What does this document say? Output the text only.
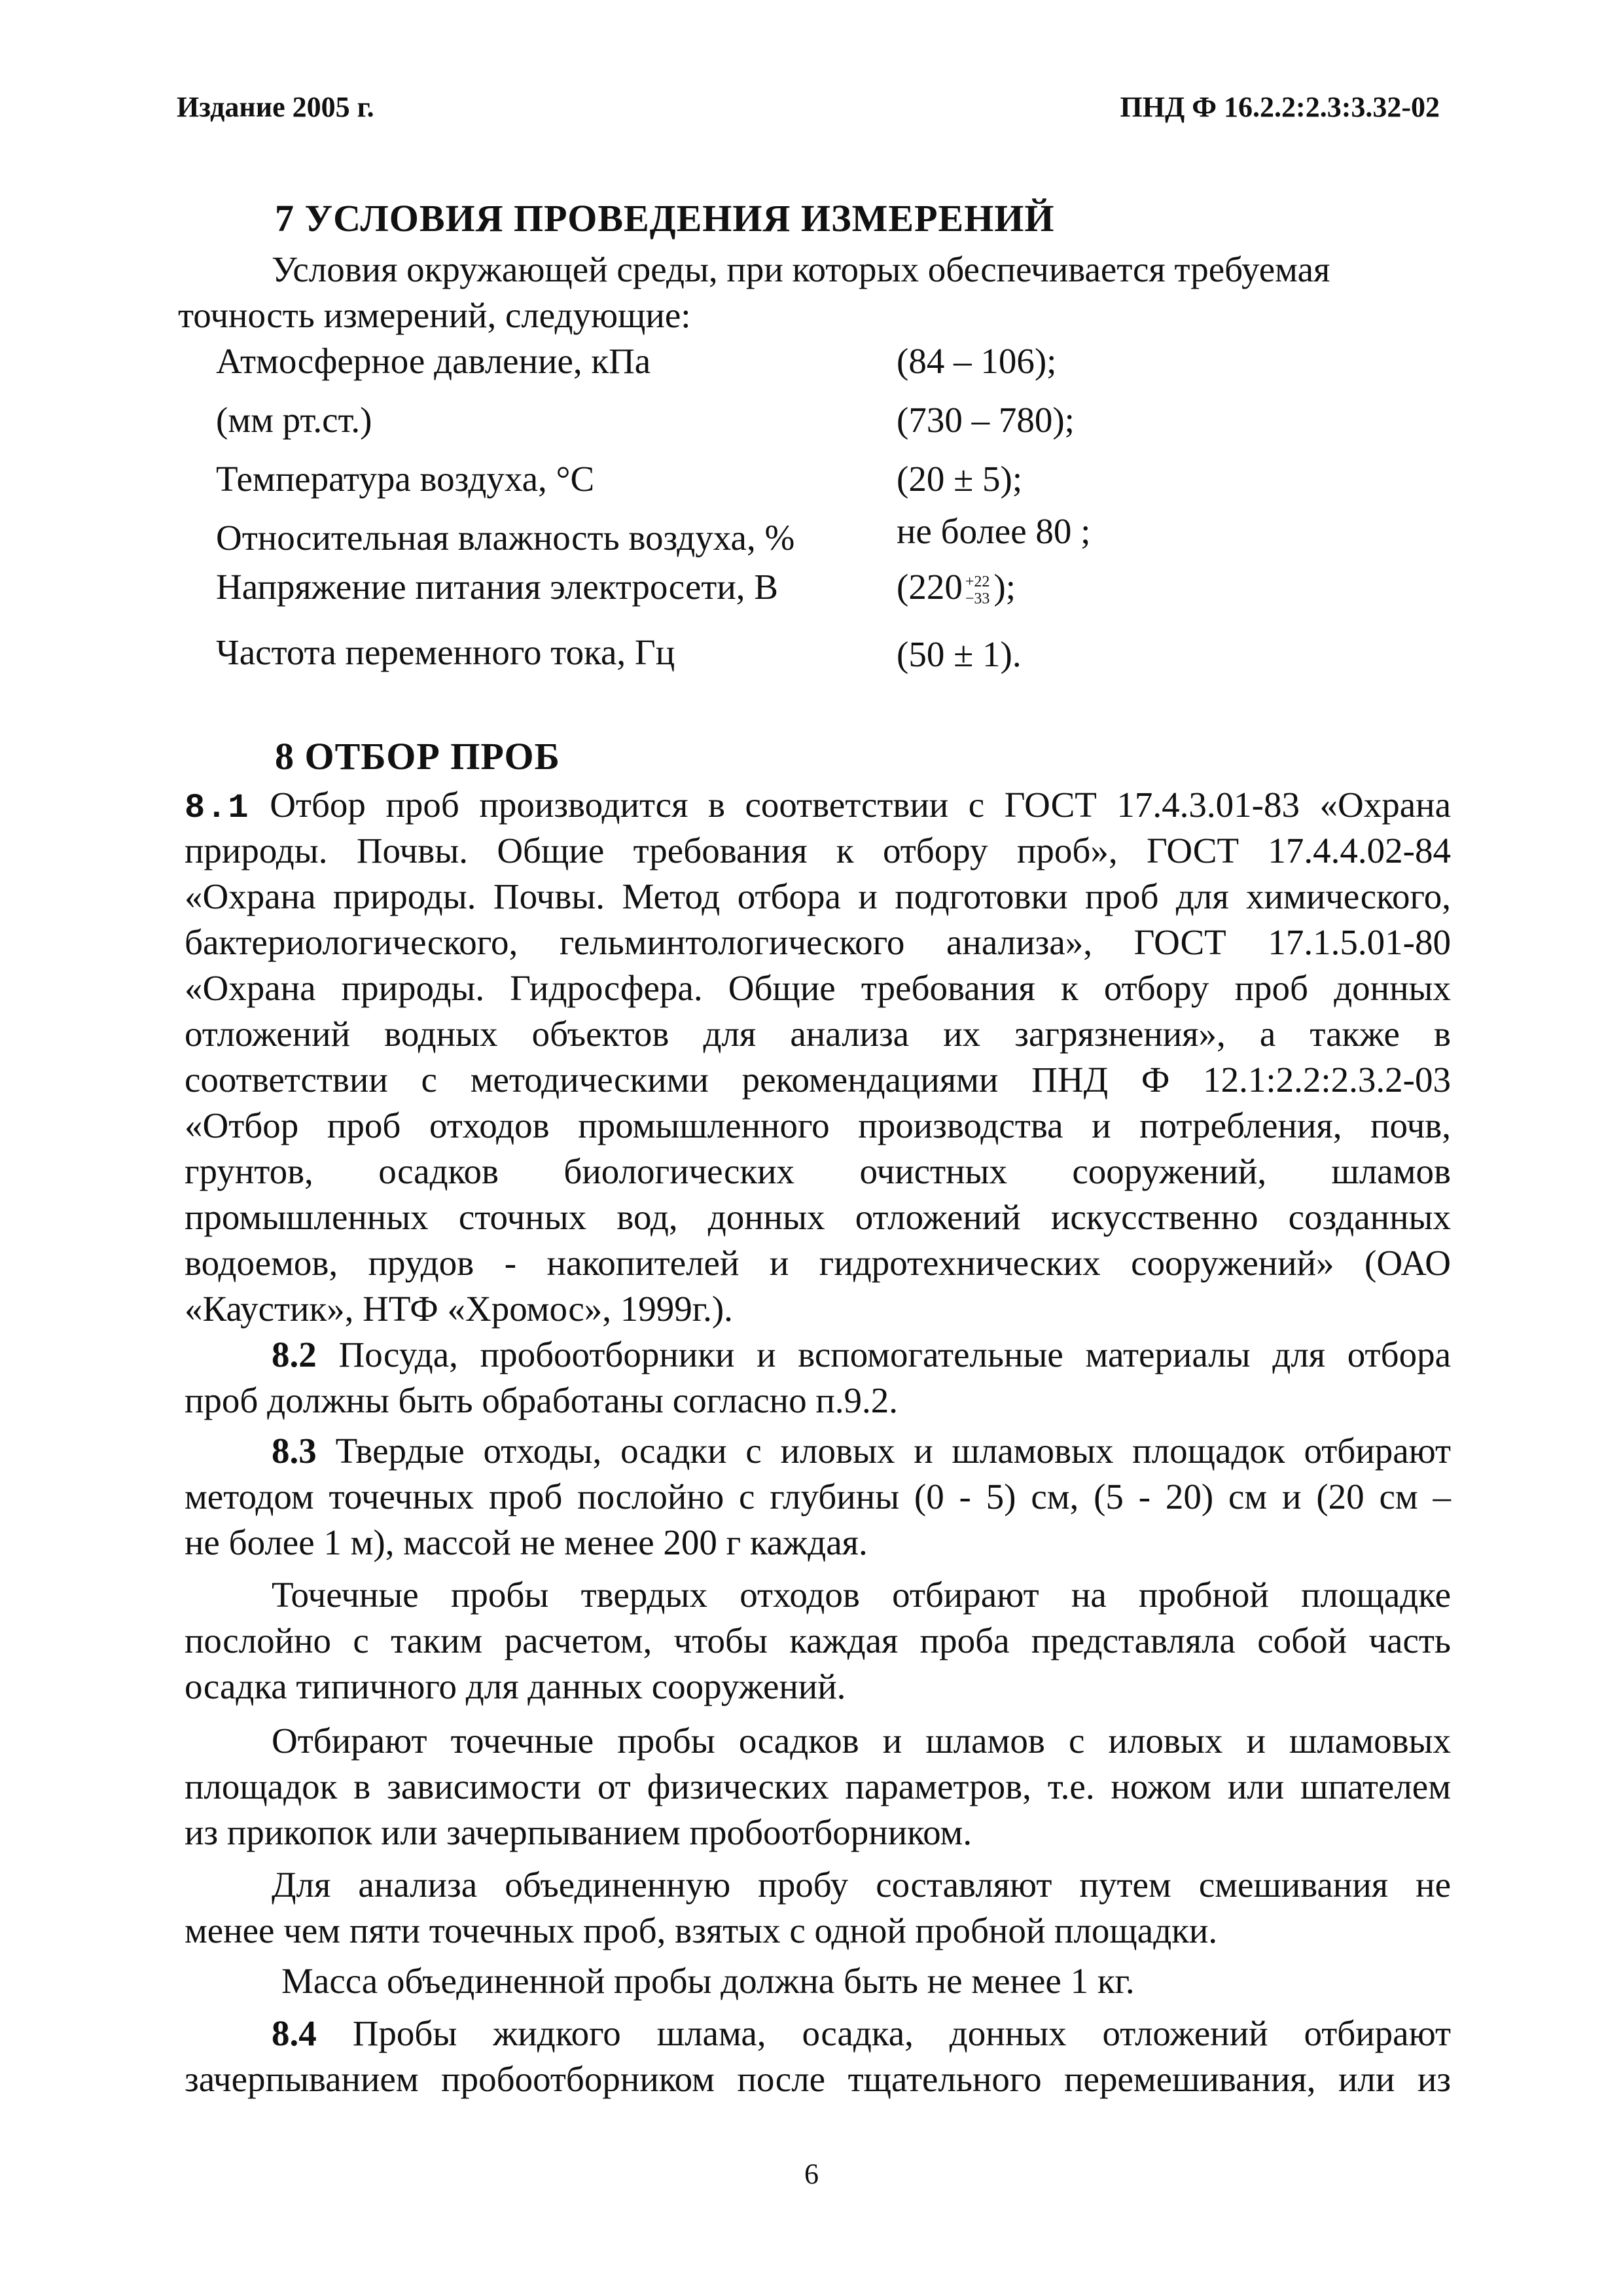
Издание 2005 г.	ПНД Ф 16.2.2:2.3:3.32-02
7 УСЛОВИЯ ПРОВЕДЕНИЯ ИЗМЕРЕНИЙ
Условия окружающей среды, при которых обеспечивается требуемая
точность измерений, следующие:
Атмосферное давление, кПа	(84 – 106);
(мм рт.ст.)	(730 – 780);
Температура воздуха, °С	(20 ± 5);
Относительная влажность воздуха, %	не более 80 ;
Напряжение питания электросети, В	(220 +22
−33 );
Частота переменного тока, Гц	(50 ± 1).
8 ОТБОР ПРОБ
8.1 Отбор проб производится в соответствии с ГОСТ 17.4.3.01-83 «Охрана
природы. Почвы. Общие требования к отбору проб», ГОСТ 17.4.4.02-84
«Охрана природы. Почвы. Метод отбора и подготовки проб для химического,
бактериологического, гельминтологического анализа», ГОСТ 17.1.5.01-80
«Охрана природы. Гидросфера. Общие требования к отбору проб донных
отложений водных объектов для анализа их загрязнения», а также в
соответствии с методическими рекомендациями ПНД Ф 12.1:2.2:2.3.2-03
«Отбор проб отходов промышленного производства и потребления, почв,
грунтов, осадков биологических очистных сооружений, шламов
промышленных сточных вод, донных отложений искусственно созданных
водоемов, прудов - накопителей и гидротехнических сооружений» (ОАО
«Каустик», НТФ «Хромос», 1999г.).
8.2 Посуда, пробоотборники и вспомогательные материалы для отбора
проб должны быть обработаны согласно п.9.2.
8.3 Твердые отходы, осадки с иловых и шламовых площадок отбирают
методом точечных проб послойно с глубины (0 - 5) см, (5 - 20) см и (20 см –
не более 1 м), массой не менее 200 г каждая.
Точечные пробы твердых отходов отбирают на пробной площадке
послойно с таким расчетом, чтобы каждая проба представляла собой часть
осадка типичного для данных сооружений.
Отбирают точечные пробы осадков и шламов с иловых и шламовых
площадок в зависимости от физических параметров, т.е. ножом или шпателем
из прикопок или зачерпыванием пробоотборником.
Для анализа объединенную пробу составляют путем смешивания не
менее чем пяти точечных проб, взятых с одной пробной площадки.
Масса объединенной пробы должна быть не менее 1 кг.
8.4 Пробы жидкого шлама, осадка, донных отложений отбирают
зачерпыванием пробоотборником после тщательного перемешивания, или из
6
